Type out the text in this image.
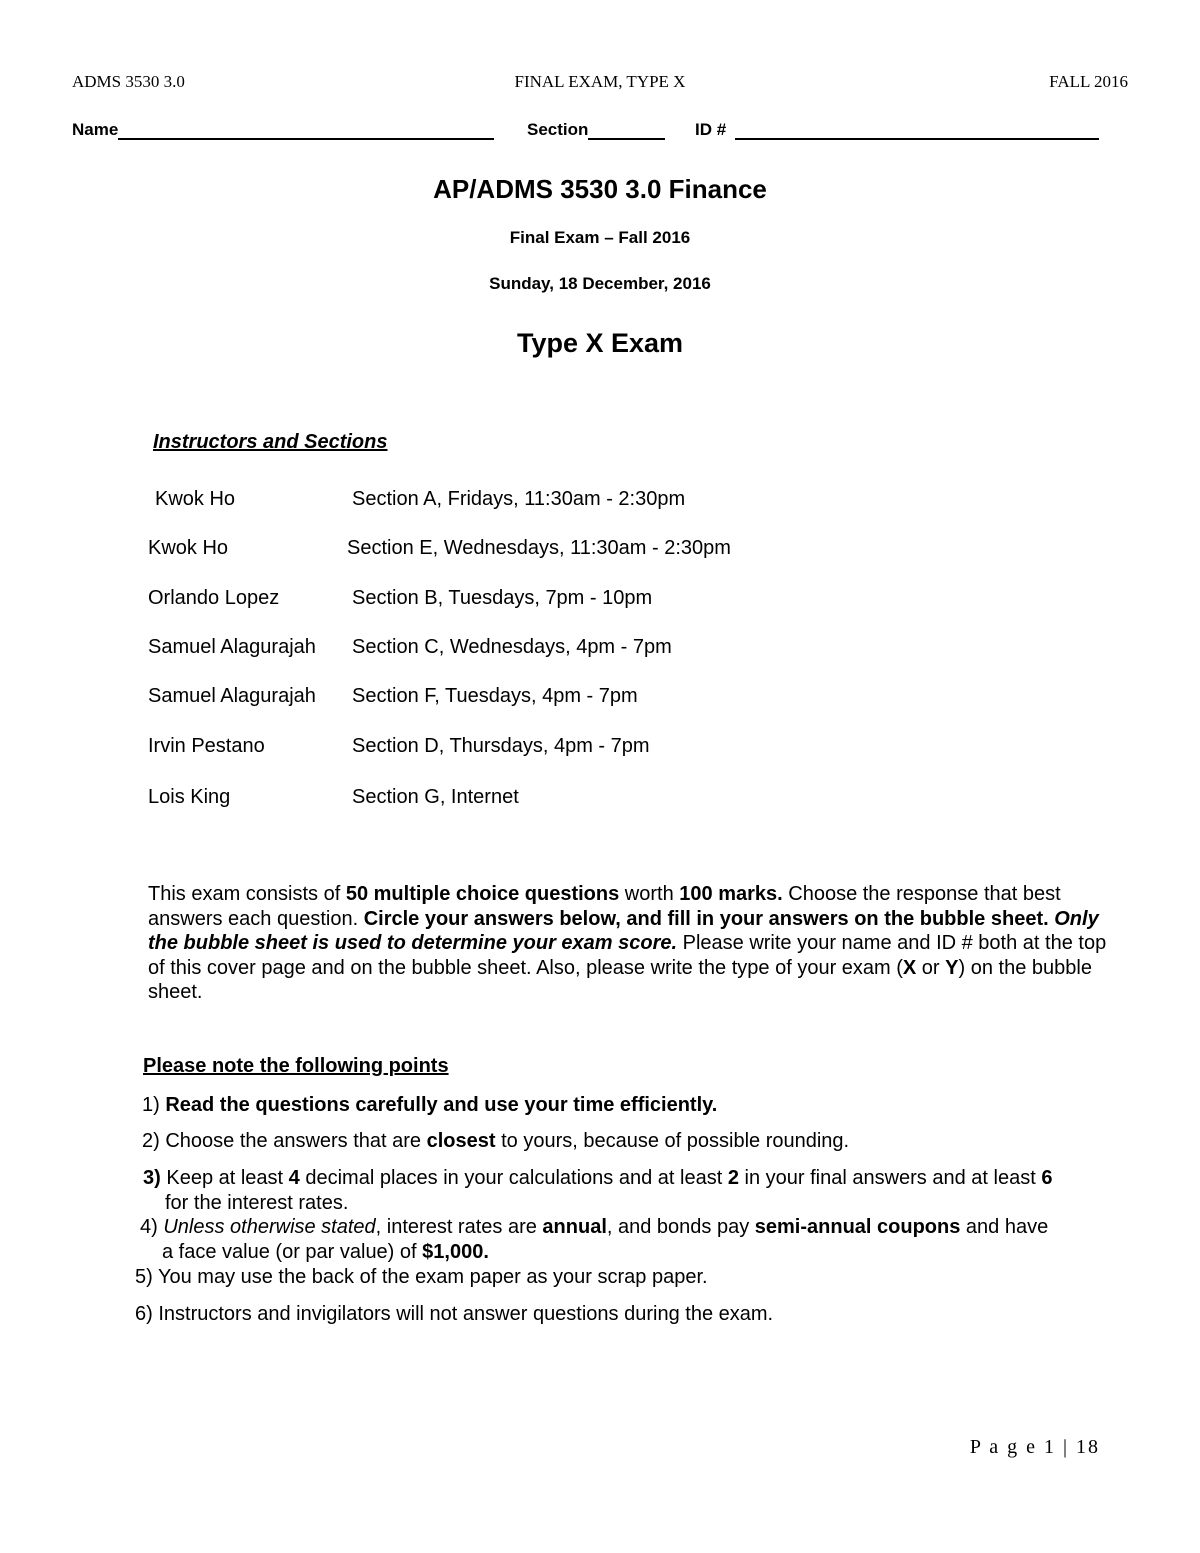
ADMS 3530 3.0	FINAL EXAM, TYPE X	FALL 2016
Name	Section	ID #
AP/ADMS 3530 3.0 Finance
Final Exam – Fall 2016
Sunday, 18 December, 2016
Type X Exam
Instructors and Sections
Kwok Ho	Section A, Fridays, 11:30am - 2:30pm
Kwok Ho	Section E, Wednesdays, 11:30am - 2:30pm
Orlando Lopez	Section B, Tuesdays, 7pm - 10pm
Samuel Alagurajah Section C, Wednesdays, 4pm - 7pm
Samuel Alagurajah Section F, Tuesdays, 4pm - 7pm
Irvin Pestano	Section D, Thursdays, 4pm - 7pm
Lois King	Section G, Internet
This exam consists of 50 multiple choice questions worth 100 marks. Choose the response that best answers each question. Circle your answers below, and fill in your answers on the bubble sheet. Only the bubble sheet is used to determine your exam score. Please write your name and ID # both at the top of this cover page and on the bubble sheet. Also, please write the type of your exam (X or Y) on the bubble sheet.
Please note the following points
1) Read the questions carefully and use your time efficiently.
2) Choose the answers that are closest to yours, because of possible rounding.
3) Keep at least 4 decimal places in your calculations and at least 2 in your final answers and at least 6
for the interest rates.
4) Unless otherwise stated, interest rates are annual, and bonds pay semi-annual coupons and have
a face value (or par value) of $1,000.
5) You may use the back of the exam paper as your scrap paper.
6) Instructors and invigilators will not answer questions during the exam.
P a g e 1 | 18
